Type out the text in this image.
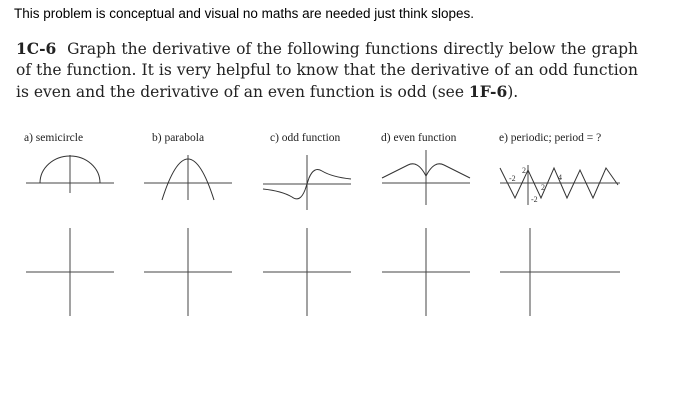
This problem is conceptual and visual no maths are needed just think slopes.
1C-6 Graph the derivative of the following functions directly below the graph of the function. It is very helpful to know that the derivative of an odd function is even and the derivative of an even function is odd (see 1F-6).
a) semicircle	b) parabola	c) odd function	d) even function	e) periodic; period = ?
2
-2	4
2
-2
